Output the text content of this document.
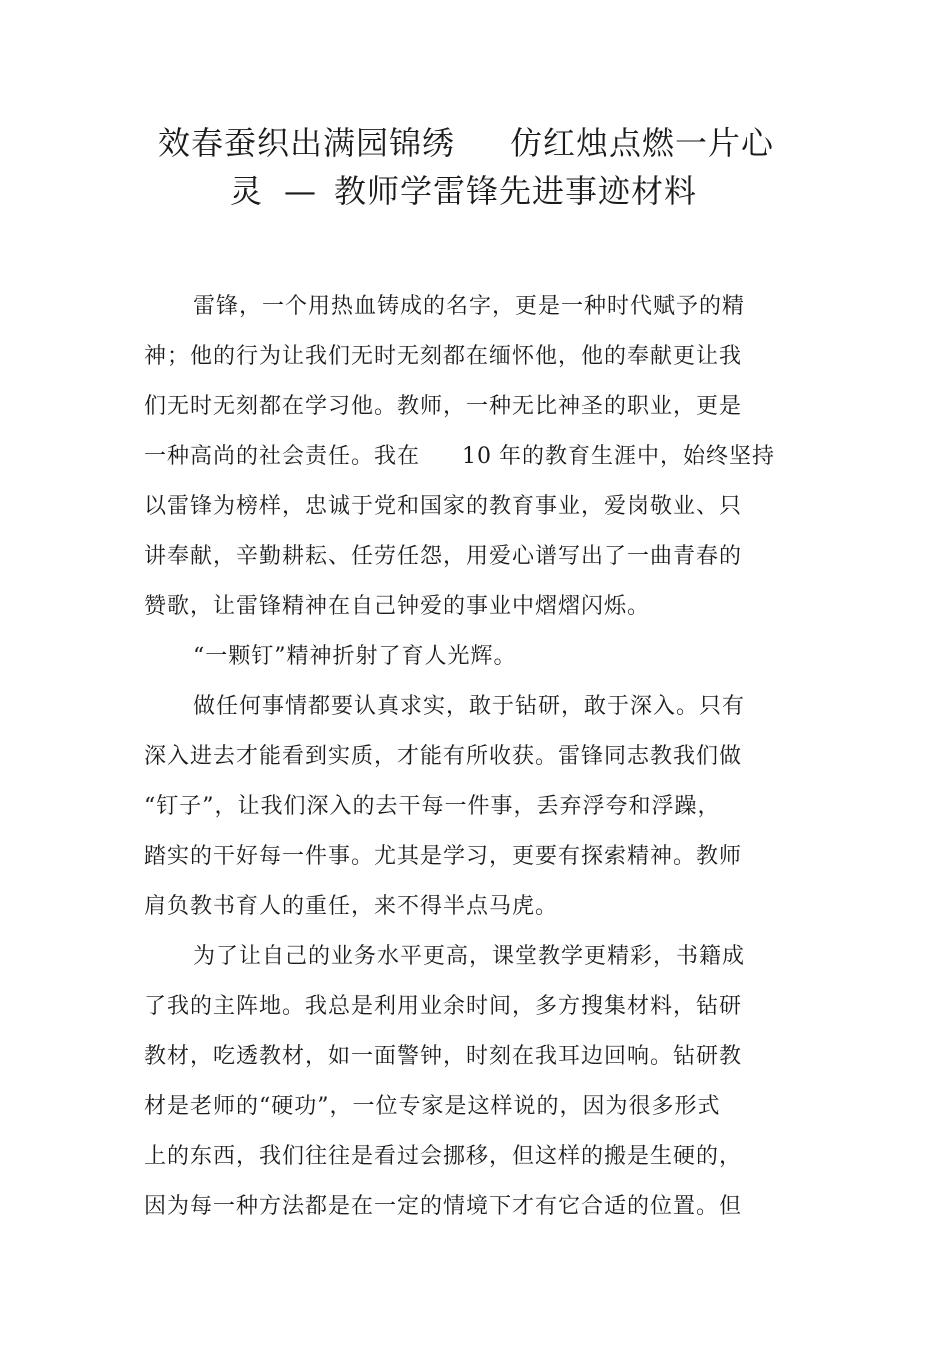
效春蚕织出满园锦绣

仿红烛点燃一片心

灵

—

教师学雷锋先进事迹材料

雷锋，一个用热血铸成的名字，更是一种时代赋予的精

神；他的行为让我们无时无刻都在缅怀他，他的奉献更让我

们无时无刻都在学习他。教师，一种无比神圣的职业，更是

一种高尚的社会责任。我在

10

年的教育生涯中，始终坚持

以雷锋为榜样，忠诚于党和国家的教育事业，爱岗敬业、只

讲奉献，辛勤耕耘、任劳任怨，用爱心谱写出了一曲青春的

赞歌，让雷锋精神在自己钟爱的事业中熠熠闪烁。

“一颗钉”精神折射了育人光辉。

做任何事情都要认真求实，敢于钻研，敢于深入。只有

深入进去才能看到实质，才能有所收获。雷锋同志教我们做

“钉子”，让我们深入的去干每一件事，丢弃浮夸和浮躁，

踏实的干好每一件事。尤其是学习，更要有探索精神。教师

肩负教书育人的重任，来不得半点马虎。

为了让自己的业务水平更高，课堂教学更精彩，书籍成

了我的主阵地。我总是利用业余时间，多方搜集材料，钻研

教材，吃透教材，如一面警钟，时刻在我耳边回响。钻研教

材是老师的“硬功”，一位专家是这样说的，因为很多形式

上的东西，我们往往是看过会挪移，但这样的搬是生硬的，

因为每一种方法都是在一定的情境下才有它合适的位置。但
